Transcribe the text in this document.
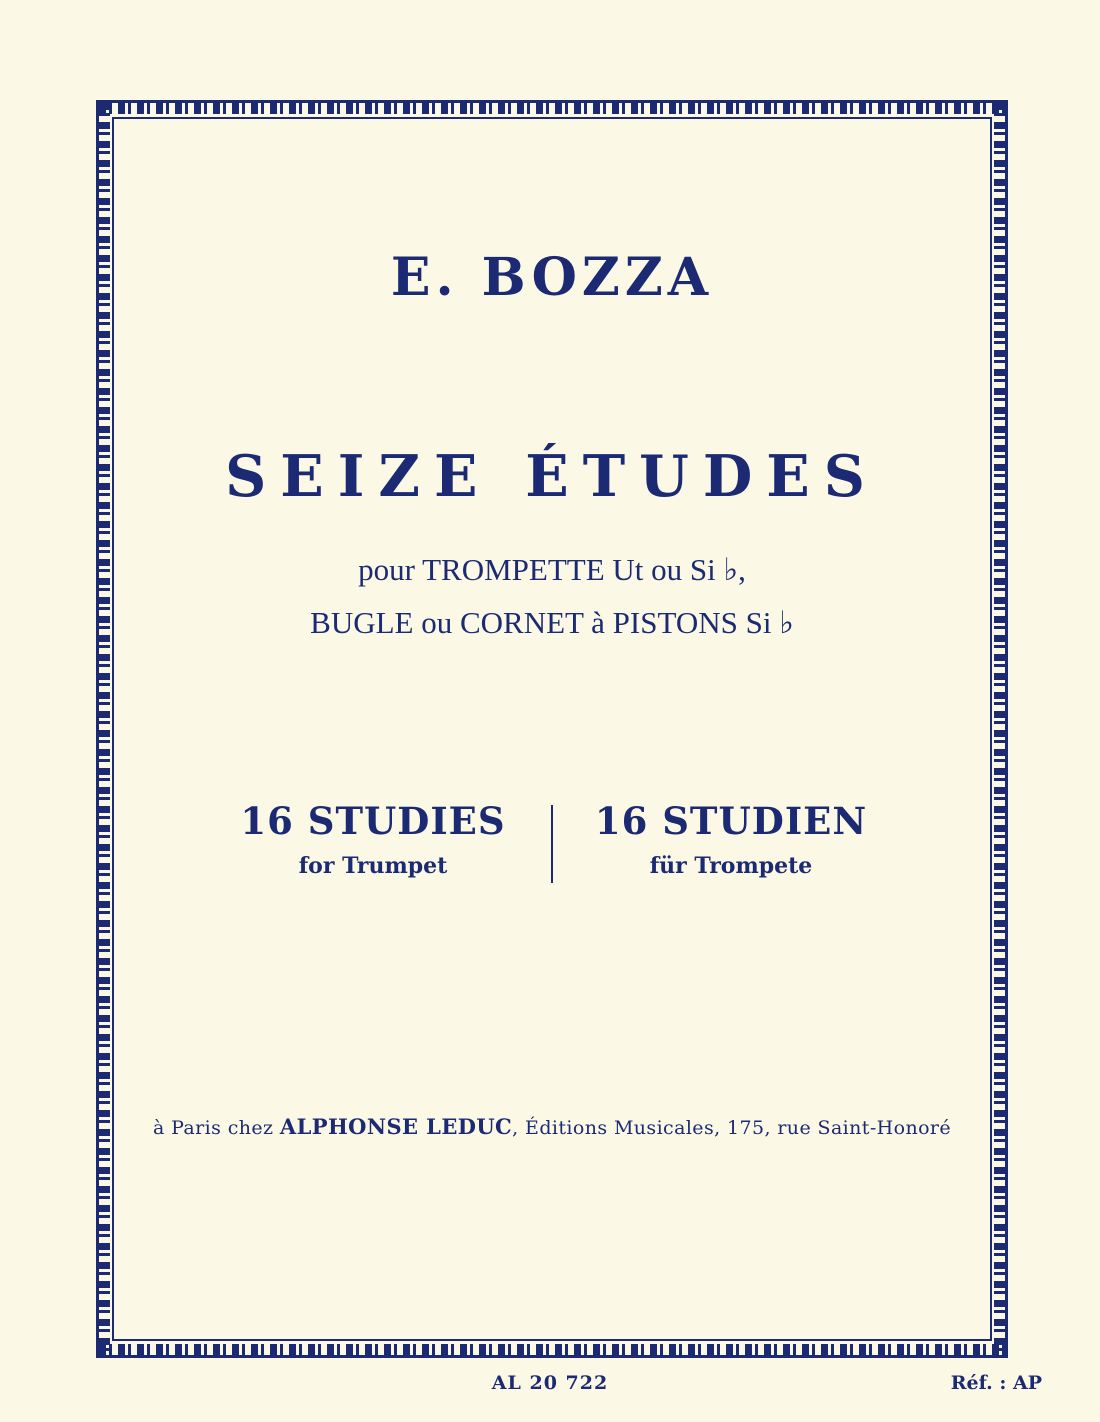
E. BOZZA
SEIZE ÉTUDES
pour TROMPETTE Ut ou Si ♭,
BUGLE ou CORNET à PISTONS Si ♭
16 STUDIES
for Trumpet
16 STUDIEN
für Trompete
à Paris chez ALPHONSE LEDUC, Éditions Musicales, 175, rue Saint-Honoré
AL 20 722	Réf. : AP
